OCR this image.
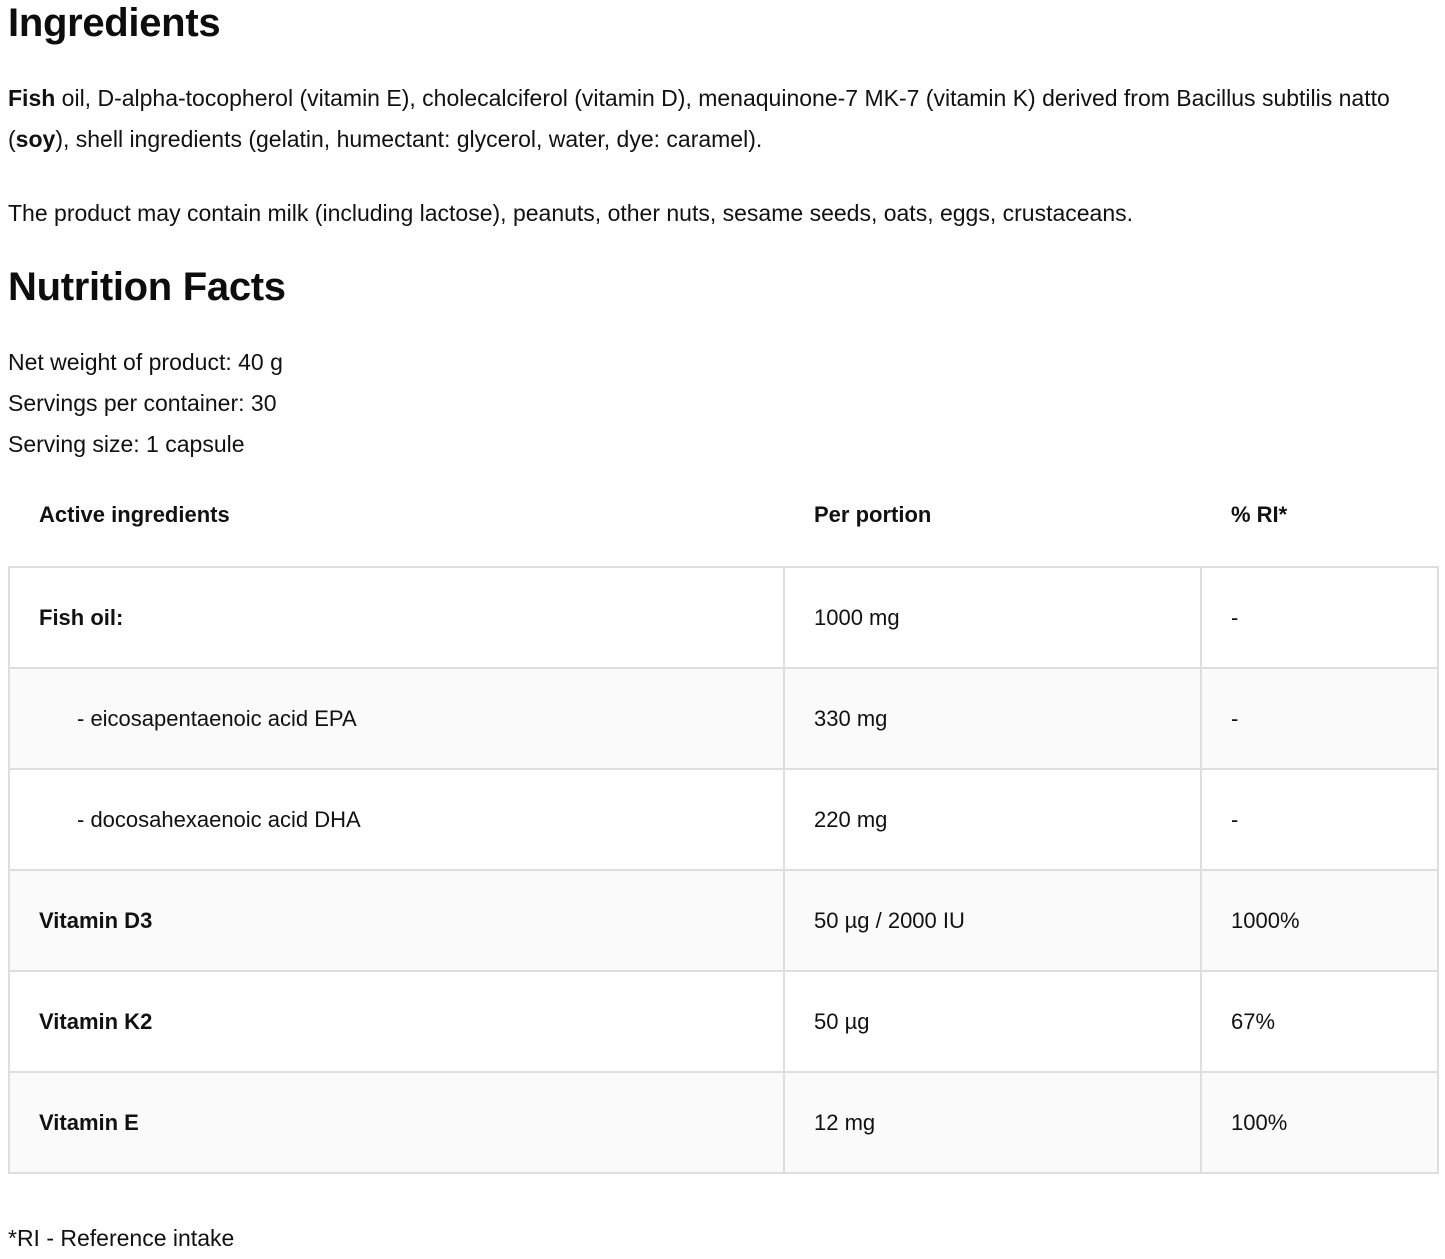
Ingredients

Fish oil, D-alpha-tocopherol (vitamin E), cholecalciferol (vitamin D), menaquinone-7 MK-7 (vitamin K) derived from Bacillus subtilis natto (soy), shell ingredients (gelatin, humectant: glycerol, water, dye: caramel).

The product may contain milk (including lactose), peanuts, other nuts, sesame seeds, oats, eggs, crustaceans.

Nutrition Facts
Net weight of product: 40 g
Servings per container: 30
Serving size: 1 capsule
Active ingredients	Per portion	% RI*
Fish oil:	1000 mg	-
- eicosapentaenoic acid EPA	330 mg	-
- docosahexaenoic acid DHA	220 mg	-
Vitamin D3	50 µg / 2000 IU	1000%
Vitamin K2	50 µg	67%
Vitamin E	12 mg	100%

*RI - Reference intake
